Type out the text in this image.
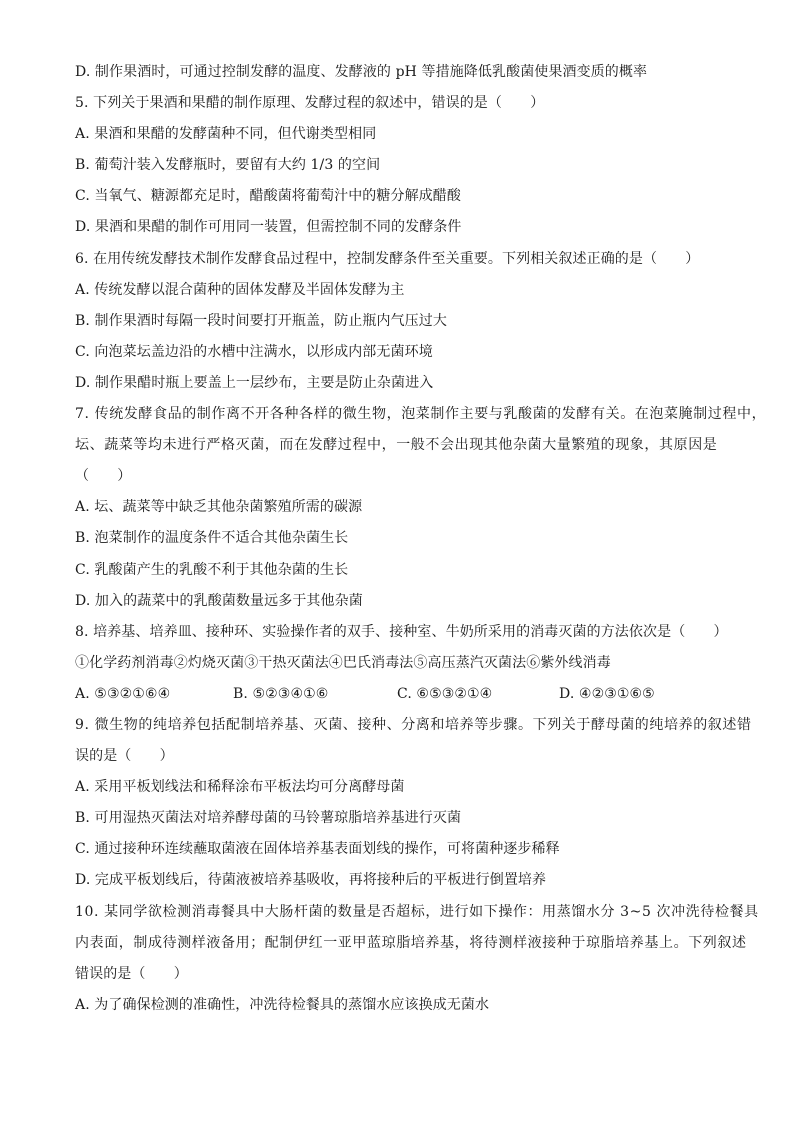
D. 制作果酒时，可通过控制发酵的温度、发酵液的 pH 等措施降低乳酸菌使果酒变质的概率
5. 下列关于果酒和果醋的制作原理、发酵过程的叙述中，错误的是（　　）
A. 果酒和果醋的发酵菌种不同，但代谢类型相同
B. 葡萄汁装入发酵瓶时，要留有大约 1/3 的空间
C. 当氧气、糖源都充足时，醋酸菌将葡萄汁中的糖分解成醋酸
D. 果酒和果醋的制作可用同一装置，但需控制不同的发酵条件
6. 在用传统发酵技术制作发酵食品过程中，控制发酵条件至关重要。下列相关叙述正确的是（　　）
A. 传统发酵以混合菌种的固体发酵及半固体发酵为主
B. 制作果酒时每隔一段时间要打开瓶盖，防止瓶内气压过大
C. 向泡菜坛盖边沿的水槽中注满水，以形成内部无菌环境
D. 制作果醋时瓶上要盖上一层纱布，主要是防止杂菌进入
7. 传统发酵食品的制作离不开各种各样的微生物，泡菜制作主要与乳酸菌的发酵有关。在泡菜腌制过程中，
坛、蔬菜等均未进行严格灭菌，而在发酵过程中，一般不会出现其他杂菌大量繁殖的现象，其原因是
（　　）
A. 坛、蔬菜等中缺乏其他杂菌繁殖所需的碳源
B. 泡菜制作的温度条件不适合其他杂菌生长
C. 乳酸菌产生的乳酸不利于其他杂菌的生长
D. 加入的蔬菜中的乳酸菌数量远多于其他杂菌
8. 培养基、培养皿、接种环、实验操作者的双手、接种室、牛奶所采用的消毒灭菌的方法依次是（　　）
①化学药剂消毒②灼烧灭菌③干热灭菌法④巴氏消毒法⑤高压蒸汽灭菌法⑥紫外线消毒
A. ⑤③②①⑥④	B. ⑤②③④①⑥	C. ⑥⑤③②①④	D. ④②③①⑥⑤
9. 微生物的纯培养包括配制培养基、灭菌、接种、分离和培养等步骤。下列关于酵母菌的纯培养的叙述错
误的是（　　）
A. 采用平板划线法和稀释涂布平板法均可分离酵母菌
B. 可用湿热灭菌法对培养酵母菌的马铃薯琼脂培养基进行灭菌
C. 通过接种环连续蘸取菌液在固体培养基表面划线的操作，可将菌种逐步稀释
D. 完成平板划线后，待菌液被培养基吸收，再将接种后的平板进行倒置培养
10. 某同学欲检测消毒餐具中大肠杆菌的数量是否超标，进行如下操作：用蒸馏水分 3~5 次冲洗待检餐具
内表面，制成待测样液备用；配制伊红一亚甲蓝琼脂培养基，将待测样液接种于琼脂培养基上。下列叙述
错误的是（　　）
A. 为了确保检测的准确性，冲洗待检餐具的蒸馏水应该换成无菌水
